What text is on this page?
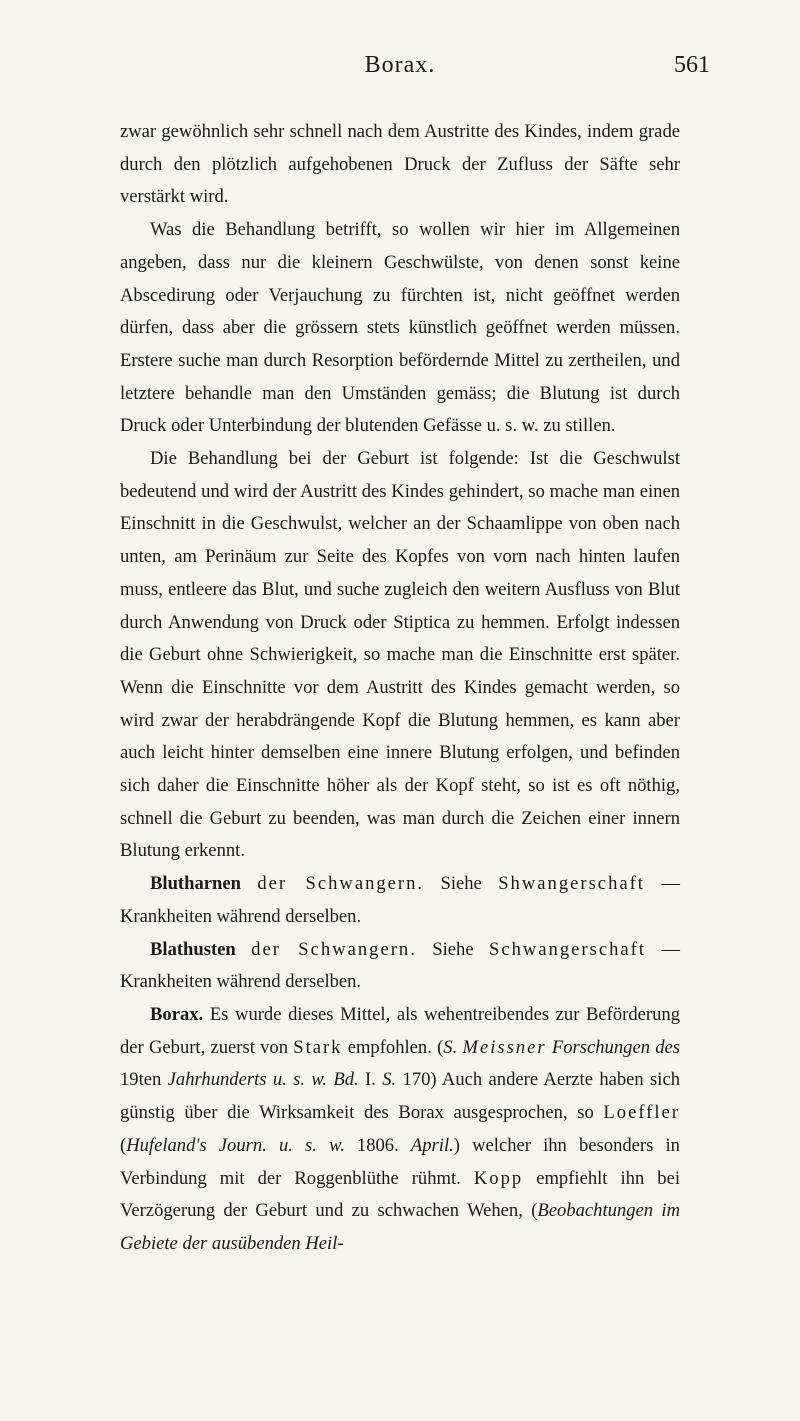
Borax.	561

zwar gewöhnlich sehr schnell nach dem Austritte des Kindes, indem grade durch den plötzlich aufgehobenen Druck der Zufluss der Säfte sehr verstärkt wird.

Was die Behandlung betrifft, so wollen wir hier im Allgemeinen angeben, dass nur die kleinern Geschwülste, von denen sonst keine Abscedirung oder Verjauchung zu fürchten ist, nicht geöffnet werden dürfen, dass aber die grössern stets künstlich geöffnet werden müssen. Erstere suche man durch Resorption befördernde Mittel zu zertheilen, und letztere behandle man den Umständen gemäss; die Blutung ist durch Druck oder Unterbindung der blutenden Gefässe u. s. w. zu stillen.

Die Behandlung bei der Geburt ist folgende: Ist die Geschwulst bedeutend und wird der Austritt des Kindes gehindert, so mache man einen Einschnitt in die Geschwulst, welcher an der Schaamlippe von oben nach unten, am Perinäum zur Seite des Kopfes von vorn nach hinten laufen muss, entleere das Blut, und suche zugleich den weitern Ausfluss von Blut durch Anwendung von Druck oder Stiptica zu hemmen. Erfolgt indessen die Geburt ohne Schwierigkeit, so mache man die Einschnitte erst später. Wenn die Einschnitte vor dem Austritt des Kindes gemacht werden, so wird zwar der herabdrängende Kopf die Blutung hemmen, es kann aber auch leicht hinter demselben eine innere Blutung erfolgen, und befinden sich daher die Einschnitte höher als der Kopf steht, so ist es oft nöthig, schnell die Geburt zu beenden, was man durch die Zeichen einer innern Blutung erkennt.

Blutharnen der Schwangern. Siehe Shwangerschaft — Krankheiten während derselben.

Blathusten der Schwangern. Siehe Schwangerschaft — Krankheiten während derselben.

Borax. Es wurde dieses Mittel, als wehentreibendes zur Beförderung der Geburt, zuerst von Stark empfohlen. (S. Meissner Forschungen des 19ten Jahrhunderts u. s. w. Bd. I. S. 170) Auch andere Aerzte haben sich günstig über die Wirksamkeit des Borax ausgesprochen, so Loeffler (Hufeland's Journ. u. s. w. 1806. April.) welcher ihn besonders in Verbindung mit der Roggenblüthe rühmt. Kopp empfiehlt ihn bei Verzögerung der Geburt und zu schwachen Wehen, (Beobachtungen im Gebiete der ausübenden Heil-
